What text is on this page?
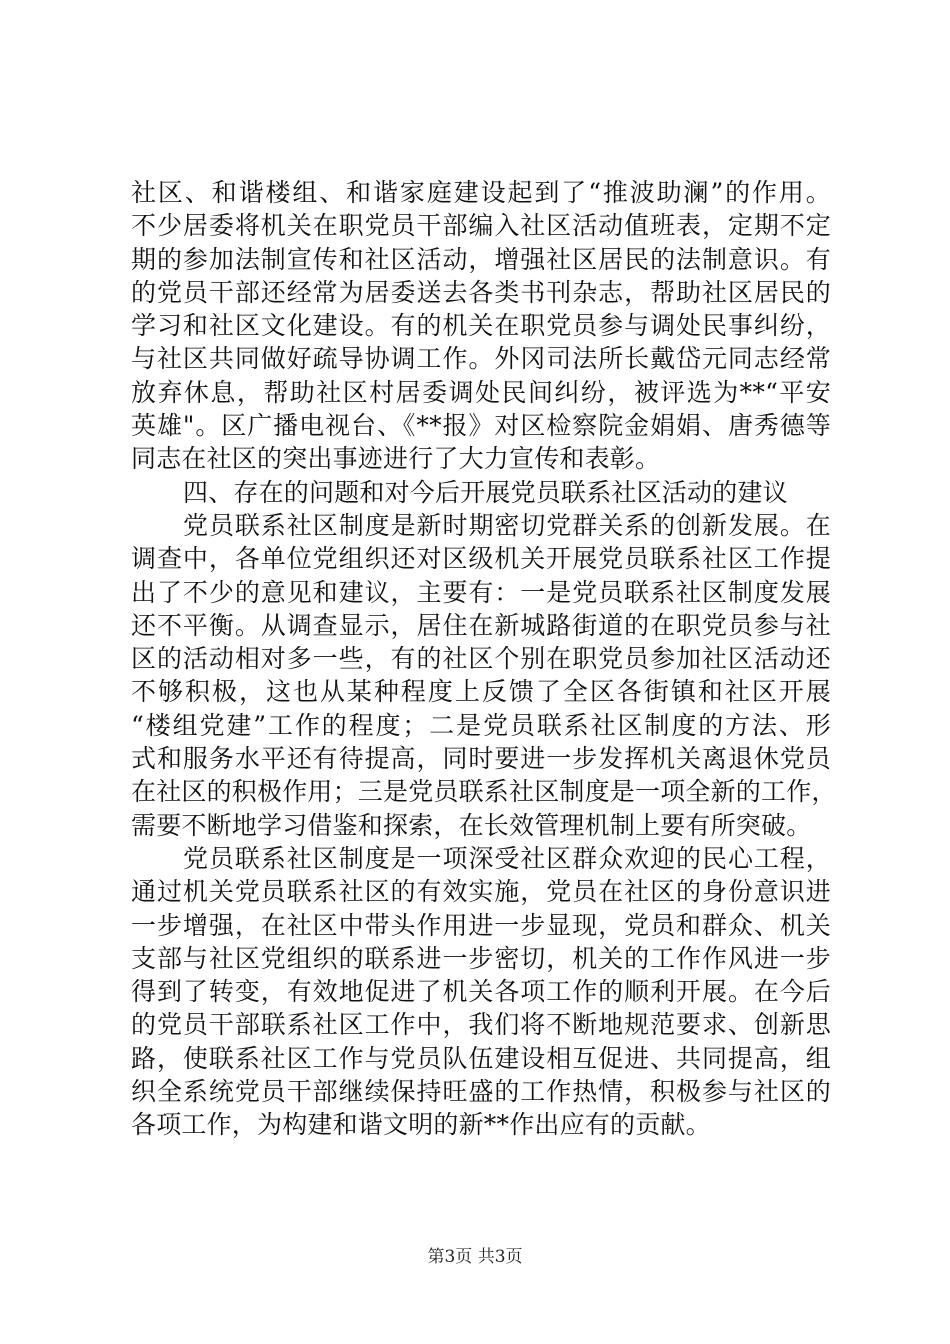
社区、和谐楼组、和谐家庭建设起到了“推波助澜”的作用。
不少居委将机关在职党员干部编入社区活动值班表，定期不定
期的参加法制宣传和社区活动，增强社区居民的法制意识。有
的党员干部还经常为居委送去各类书刊杂志，帮助社区居民的
学习和社区文化建设。有的机关在职党员参与调处民事纠纷，
与社区共同做好疏导协调工作。外冈司法所长戴岱元同志经常
放弃休息，帮助社区村居委调处民间纠纷，被评选为**“平安
英雄"。区广播电视台、《**报》对区检察院金娟娟、唐秀德等
同志在社区的突出事迹进行了大力宣传和表彰。
四、存在的问题和对今后开展党员联系社区活动的建议
党员联系社区制度是新时期密切党群关系的创新发展。在
调查中，各单位党组织还对区级机关开展党员联系社区工作提
出了不少的意见和建议，主要有：一是党员联系社区制度发展
还不平衡。从调查显示，居住在新城路街道的在职党员参与社
区的活动相对多一些，有的社区个别在职党员参加社区活动还
不够积极，这也从某种程度上反馈了全区各街镇和社区开展
“楼组党建”工作的程度；二是党员联系社区制度的方法、形
式和服务水平还有待提高，同时要进一步发挥机关离退休党员
在社区的积极作用；三是党员联系社区制度是一项全新的工作，
需要不断地学习借鉴和探索，在长效管理机制上要有所突破。
党员联系社区制度是一项深受社区群众欢迎的民心工程，
通过机关党员联系社区的有效实施，党员在社区的身份意识进
一步增强，在社区中带头作用进一步显现，党员和群众、机关
支部与社区党组织的联系进一步密切，机关的工作作风进一步
得到了转变，有效地促进了机关各项工作的顺利开展。在今后
的党员干部联系社区工作中，我们将不断地规范要求、创新思
路，使联系社区工作与党员队伍建设相互促进、共同提高，组
织全系统党员干部继续保持旺盛的工作热情，积极参与社区的
各项工作，为构建和谐文明的新**作出应有的贡献。
第3页 共3页
